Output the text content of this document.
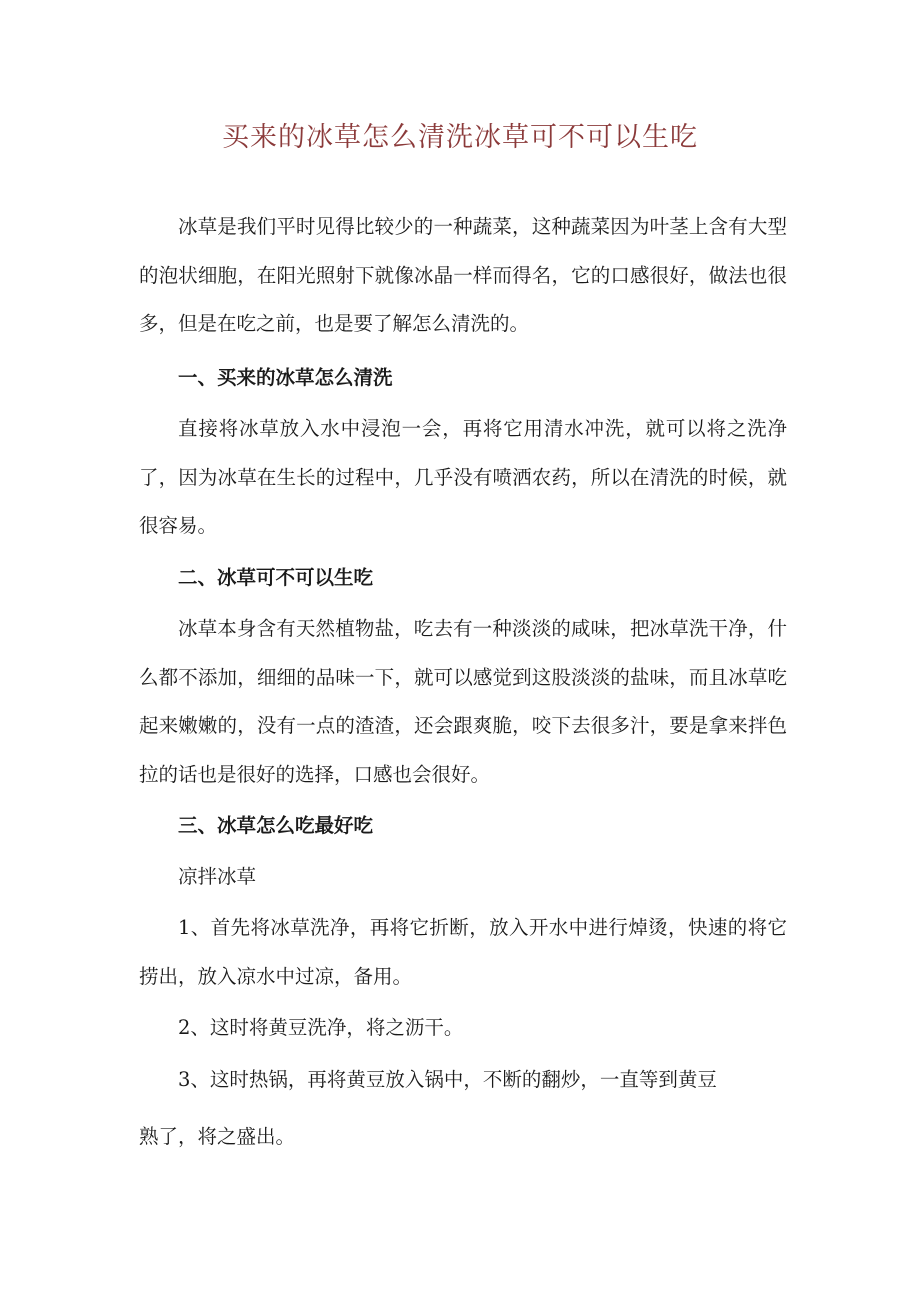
买来的冰草怎么清洗冰草可不可以生吃

冰草是我们平时见得比较少的一种蔬菜，这种蔬菜因为叶茎上含有大型的泡状细胞，在阳光照射下就像冰晶一样而得名，它的口感很好，做法也很多，但是在吃之前，也是要了解怎么清洗的。

一、买来的冰草怎么清洗

直接将冰草放入水中浸泡一会，再将它用清水冲洗，就可以将之洗净了，因为冰草在生长的过程中，几乎没有喷洒农药，所以在清洗的时候，就很容易。

二、冰草可不可以生吃

冰草本身含有天然植物盐，吃去有一种淡淡的咸味，把冰草洗干净，什么都不添加，细细的品味一下，就可以感觉到这股淡淡的盐味，而且冰草吃起来嫩嫩的，没有一点的渣渣，还会跟爽脆，咬下去很多汁，要是拿来拌色拉的话也是很好的选择，口感也会很好。

三、冰草怎么吃最好吃

凉拌冰草

1、首先将冰草洗净，再将它折断，放入开水中进行焯烫，快速的将它捞出，放入凉水中过凉，备用。

2、这时将黄豆洗净，将之沥干。

3、这时热锅，再将黄豆放入锅中，不断的翻炒，一直等到黄豆

熟了，将之盛出。
